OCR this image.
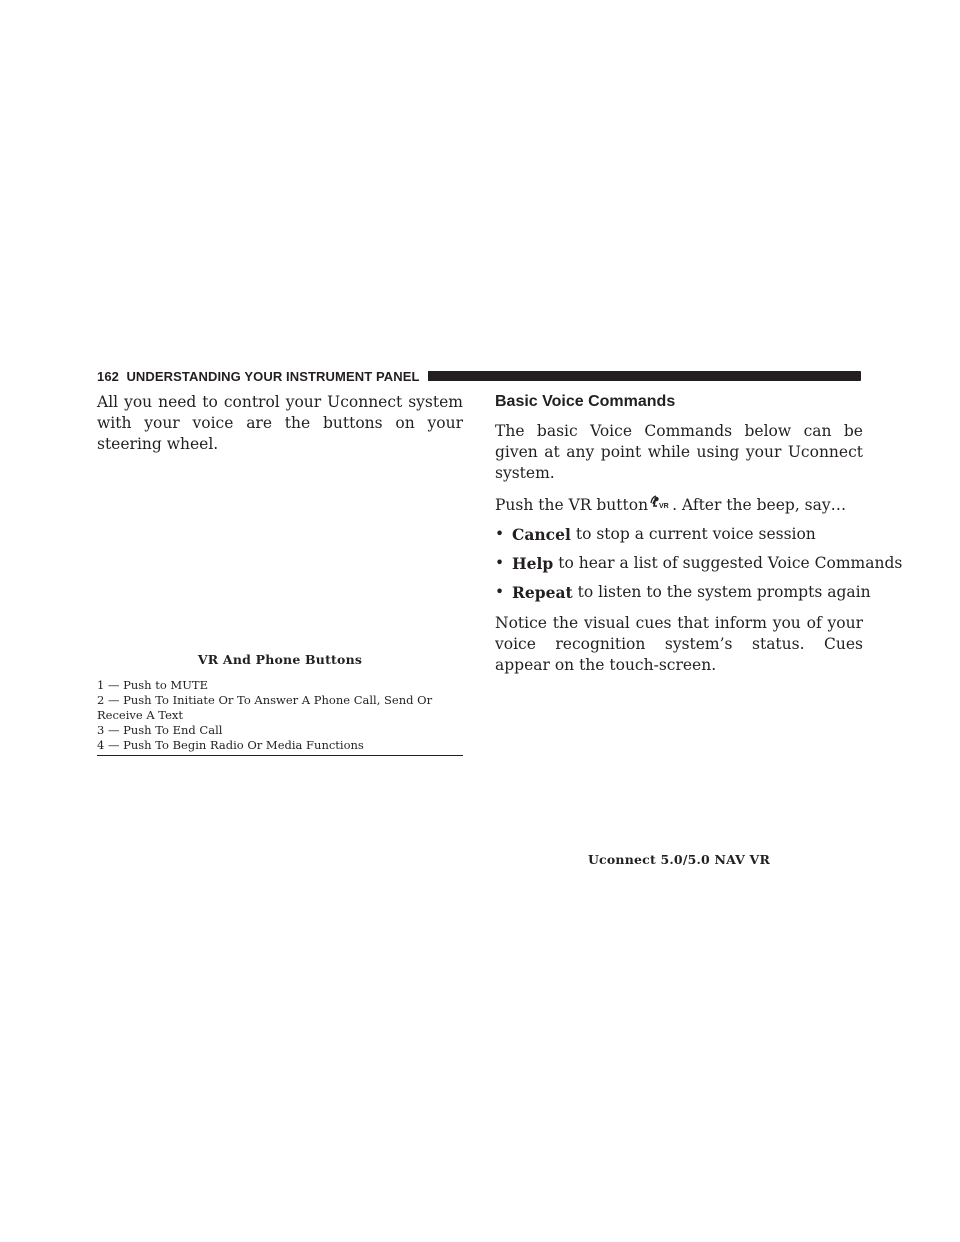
162 UNDERSTANDING YOUR INSTRUMENT PANEL

All you need to control your Uconnect system with your voice are the buttons on your steering wheel.

VR And Phone Buttons
1 — Push to MUTE
2 — Push To Initiate Or To Answer A Phone Call, Send Or
Receive A Text
3 — Push To End Call
4 — Push To Begin Radio Or Media Functions
Basic Voice Commands

The basic Voice Commands below can be given at any point while using your Uconnect system.

Push the VR button VR . After the beep, say…

• Cancel to stop a current voice session
• Help to hear a list of suggested Voice Commands
• Repeat to listen to the system prompts again

Notice the visual cues that inform you of your voice recognition system’s status. Cues appear on the touch-screen.

Uconnect 5.0/5.0 NAV VR
